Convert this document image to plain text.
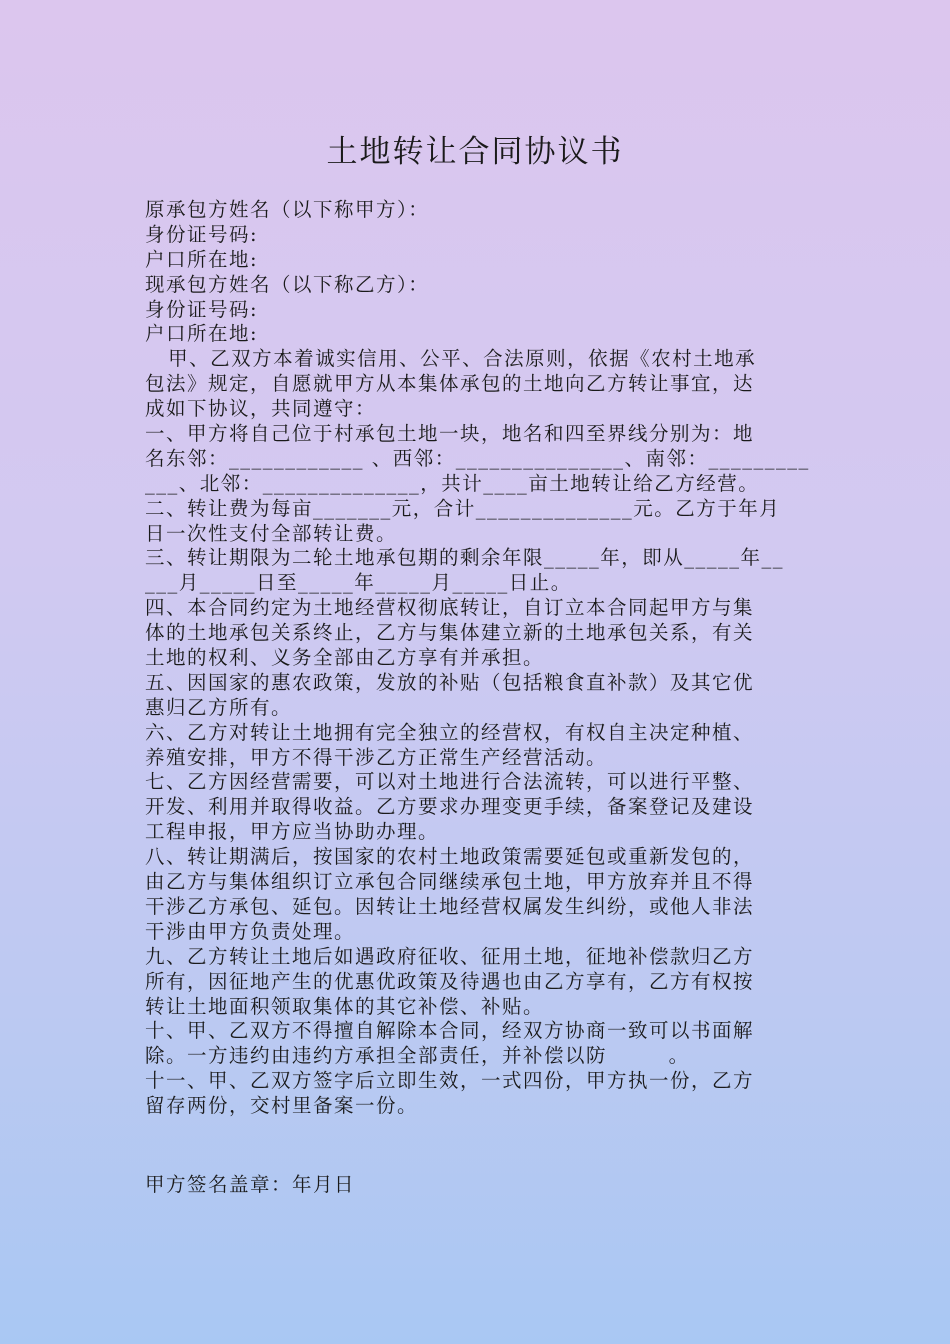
土地转让合同协议书
原承包方姓名（以下称甲方）：
身份证号码:
户口所在地:
现承包方姓名（以下称乙方）：
身份证号码:
户口所在地:
甲、乙双方本着诚实信用、公平、合法原则，依据《农村土地承
包法》规定，自愿就甲方从本集体承包的土地向乙方转让事宜，达
成如下协议，共同遵守：
一、甲方将自己位于村承包土地一块，地名和四至界线分别为：地
名东邻：____________ 、西邻：_______________、南邻：_________
___、北邻：______________，共计____亩土地转让给乙方经营。
二、转让费为每亩_______元，合计______________元。乙方于年月
日一次性支付全部转让费。
三、转让期限为二轮土地承包期的剩余年限_____年，即从_____年__
___月_____日至_____年_____月_____日止。
四、本合同约定为土地经营权彻底转让，自订立本合同起甲方与集
体的土地承包关系终止，乙方与集体建立新的土地承包关系，有关
土地的权利、义务全部由乙方享有并承担。
五、因国家的惠农政策，发放的补贴（包括粮食直补款）及其它优
惠归乙方所有。
六、乙方对转让土地拥有完全独立的经营权，有权自主决定种植、
养殖安排，甲方不得干涉乙方正常生产经营活动。
七、乙方因经营需要，可以对土地进行合法流转，可以进行平整、
开发、利用并取得收益。乙方要求办理变更手续，备案登记及建设
工程申报，甲方应当协助办理。
八、转让期满后，按国家的农村土地政策需要延包或重新发包的，
由乙方与集体组织订立承包合同继续承包土地，甲方放弃并且不得
干涉乙方承包、延包。因转让土地经营权属发生纠纷，或他人非法
干涉由甲方负责处理。
九、乙方转让土地后如遇政府征收、征用土地，征地补偿款归乙方
所有，因征地产生的优惠优政策及待遇也由乙方享有，乙方有权按
转让土地面积领取集体的其它补偿、补贴。
十、甲、乙双方不得擅自解除本合同，经双方协商一致可以书面解
除。一方违约由违约方承担全部责任，并补偿以防        。
十一、甲、乙双方签字后立即生效，一式四份，甲方执一份，乙方
留存两份，交村里备案一份。
甲方签名盖章：年月日
